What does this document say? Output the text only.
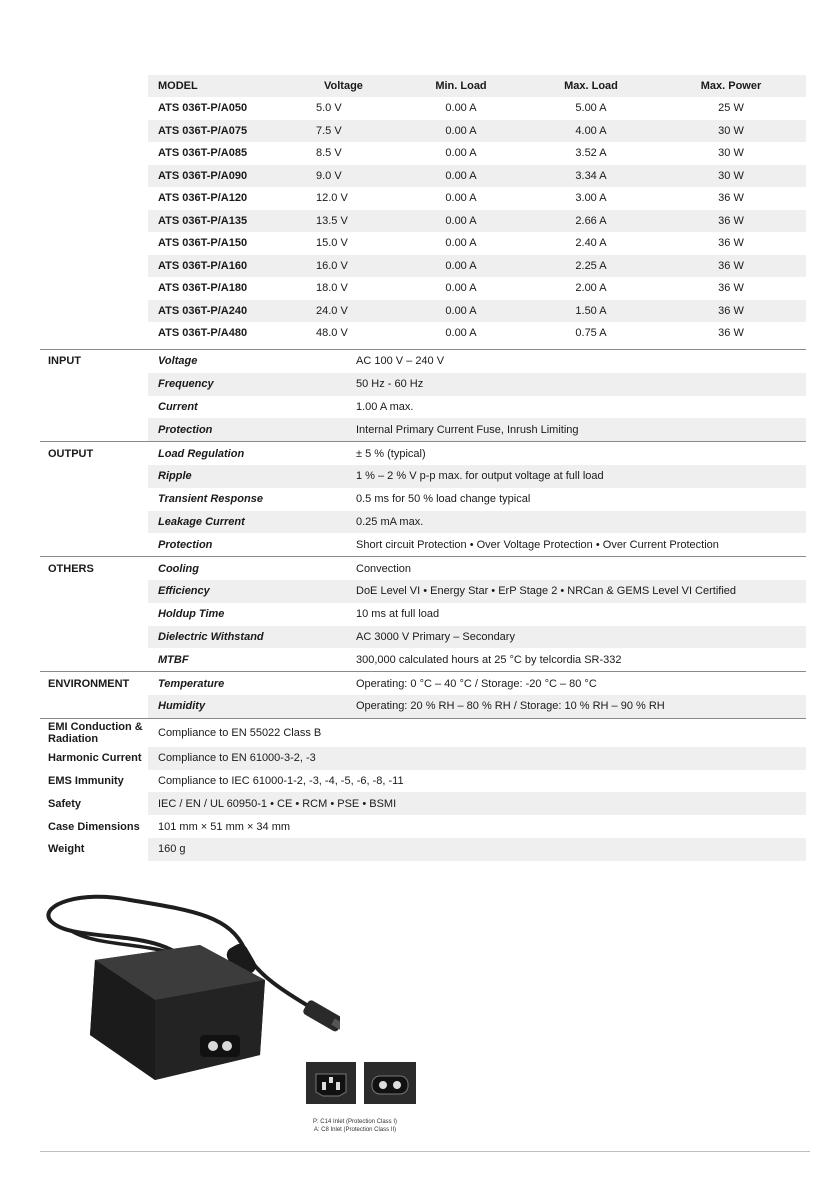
MODEL	Voltage	Min. Load	Max. Load	Max. Power
ATS 036T-P/A050	5.0 V	0.00 A	5.00 A	25 W
ATS 036T-P/A075	7.5 V	0.00 A	4.00 A	30 W
ATS 036T-P/A085	8.5 V	0.00 A	3.52 A	30 W
ATS 036T-P/A090	9.0 V	0.00 A	3.34 A	30 W
ATS 036T-P/A120	12.0 V	0.00 A	3.00 A	36 W
ATS 036T-P/A135	13.5 V	0.00 A	2.66 A	36 W
ATS 036T-P/A150	15.0 V	0.00 A	2.40 A	36 W
ATS 036T-P/A160	16.0 V	0.00 A	2.25 A	36 W
ATS 036T-P/A180	18.0 V	0.00 A	2.00 A	36 W
ATS 036T-P/A240	24.0 V	0.00 A	1.50 A	36 W
ATS 036T-P/A480	48.0 V	0.00 A	0.75 A	36 W
INPUT	Voltage	AC 100 V – 240 V
Frequency	50 Hz - 60 Hz
Current	1.00 A max.
Protection	Internal Primary Current Fuse, Inrush Limiting
OUTPUT	Load Regulation	± 5 % (typical)
Ripple	1 % – 2 % V p-p max. for output voltage at full load
Transient Response	0.5 ms for 50 % load change typical
Leakage Current	0.25 mA max.
Protection	Short circuit Protection • Over Voltage Protection • Over Current Protection
OTHERS	Cooling	Convection
Efficiency	DoE Level VI • Energy Star • ErP Stage 2 • NRCan & GEMS Level VI Certified
Holdup Time	10 ms at full load
Dielectric Withstand	AC 3000 V Primary – Secondary
MTBF	300,000 calculated hours at 25 °C by telcordia SR-332
ENVIRONMENT	Temperature	Operating: 0 °C – 40 °C / Storage: -20 °C – 80 °C
Humidity	Operating: 20 % RH – 80 % RH / Storage: 10 % RH – 90 % RH
EMI Conduction & Radiation	Compliance to EN 55022 Class B
Harmonic Current	Compliance to EN 61000-3-2, -3
EMS Immunity	Compliance to IEC 61000-1-2, -3, -4, -5, -6, -8, -11
Safety	IEC / EN / UL 60950-1 • CE • RCM • PSE • BSMI
Case Dimensions	101 mm × 51 mm × 34 mm
Weight	160 g
P: C14 Inlet (Protection Class I)
A: C8 Inlet (Protection Class II)
